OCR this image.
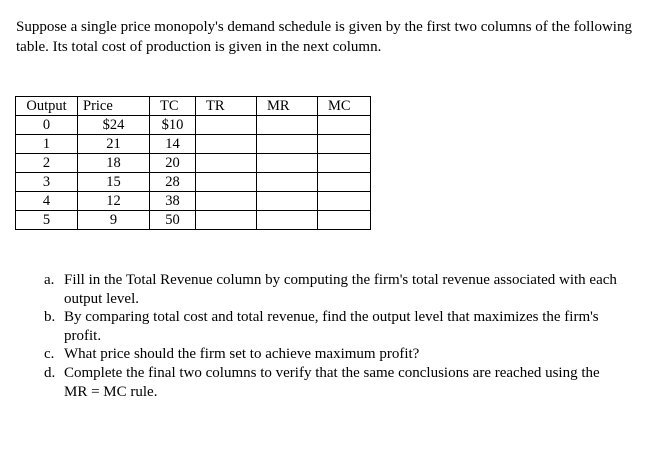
Suppose a single price monopoly's demand schedule is given by the first two columns of the following table. Its total cost of production is given in the next column.

Output	Price	TC	TR	MR	MC
0	$24	$10			
1	21	14			
2	18	20			
3	15	28			
4	12	38			
5	9	50			
a. Fill in the Total Revenue column by computing the firm's total revenue associated with each output level.
b. By comparing total cost and total revenue, find the output level that maximizes the firm's profit.
c. What price should the firm set to achieve maximum profit?
d. Complete the final two columns to verify that the same conclusions are reached using the MR = MC rule.
